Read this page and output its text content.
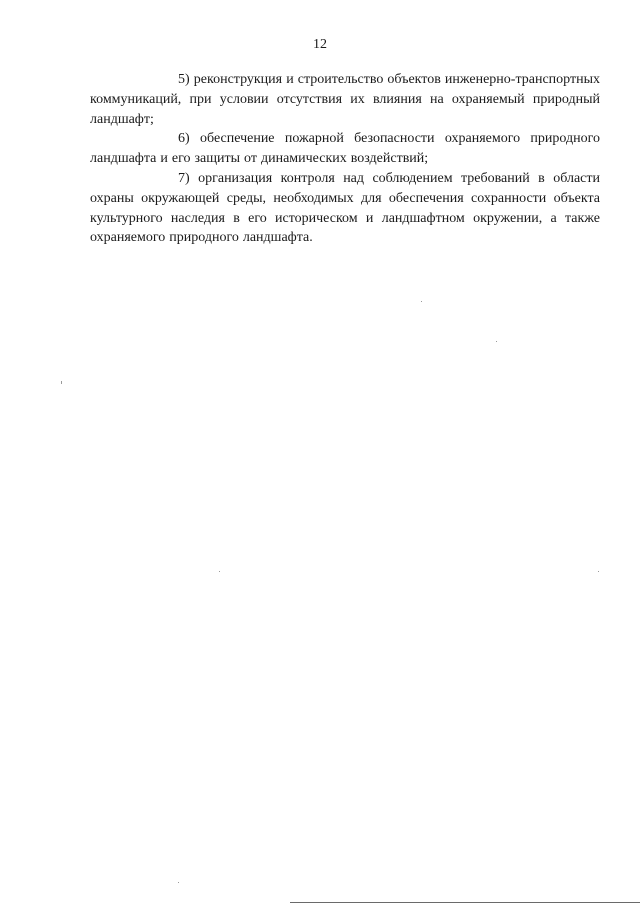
12

5) реконструкция и строительство объектов инженерно-транспортных коммуникаций, при условии отсутствия их влияния на охраняемый природный ландшафт;

6) обеспечение пожарной безопасности охраняемого природного ландшафта и его защиты от динамических воздействий;

7) организация контроля над соблюдением требований в области охраны окружающей среды, необходимых для обеспечения сохранности объекта культурного наследия в его историческом и ландшафтном окружении, а также охраняемого природного ландшафта.
